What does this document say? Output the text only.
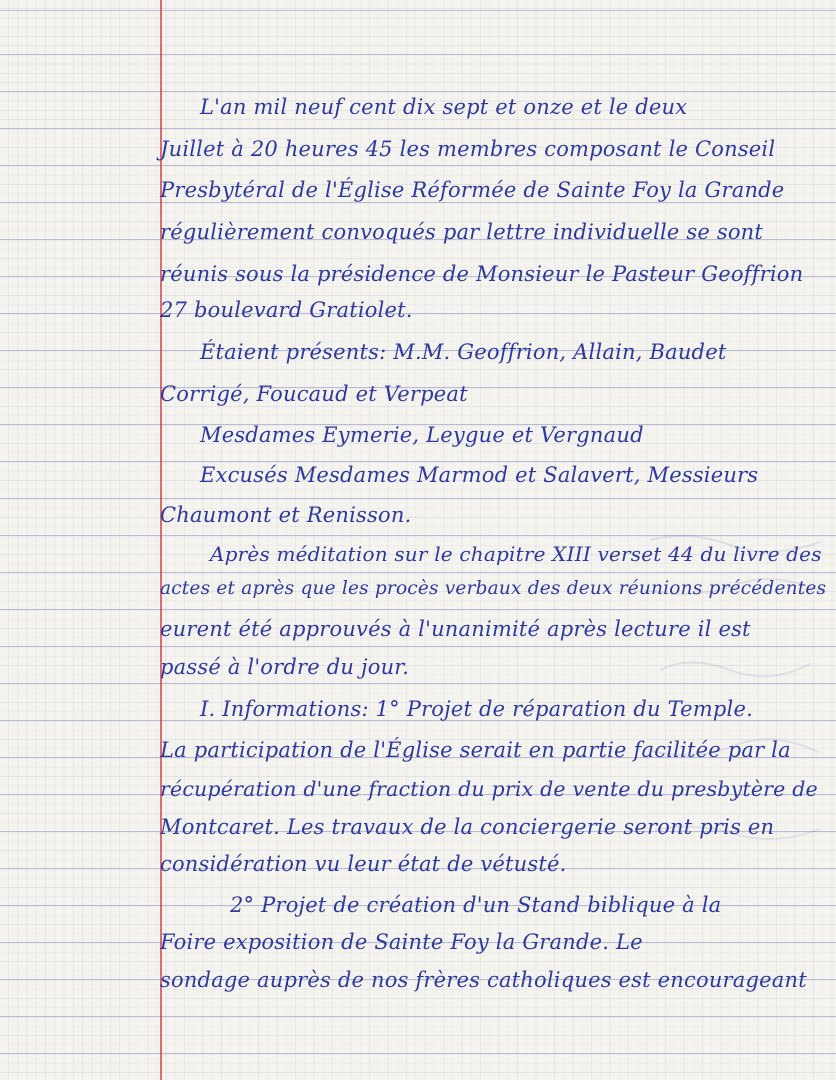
L'an mil neuf cent dix sept et onze et le deux
Juillet à 20 heures 45 les membres composant le Conseil
Presbytéral de l'Église Réformée de Sainte Foy la Grande
régulièrement convoqués par lettre individuelle se sont
réunis sous la présidence de Monsieur le Pasteur Geoffrion
27 boulevard Gratiolet.
Étaient présents: M.M. Geoffrion, Allain, Baudet
Corrigé, Foucaud et Verpeat
Mesdames Eymerie, Leygue et Vergnaud
Excusés Mesdames Marmod et Salavert, Messieurs
Chaumont et Renisson.
Après méditation sur le chapitre XIII verset 44 du livre des
actes et après que les procès verbaux des deux réunions précédentes
eurent été approuvés à l'unanimité après lecture il est
passé à l'ordre du jour.
I. Informations: 1° Projet de réparation du Temple.
La participation de l'Église serait en partie facilitée par la
récupération d'une fraction du prix de vente du presbytère de
Montcaret. Les travaux de la conciergerie seront pris en
considération vu leur état de vétusté.
2° Projet de création d'un Stand biblique à la
Foire exposition de Sainte Foy la Grande. Le
sondage auprès de nos frères catholiques est encourageant
